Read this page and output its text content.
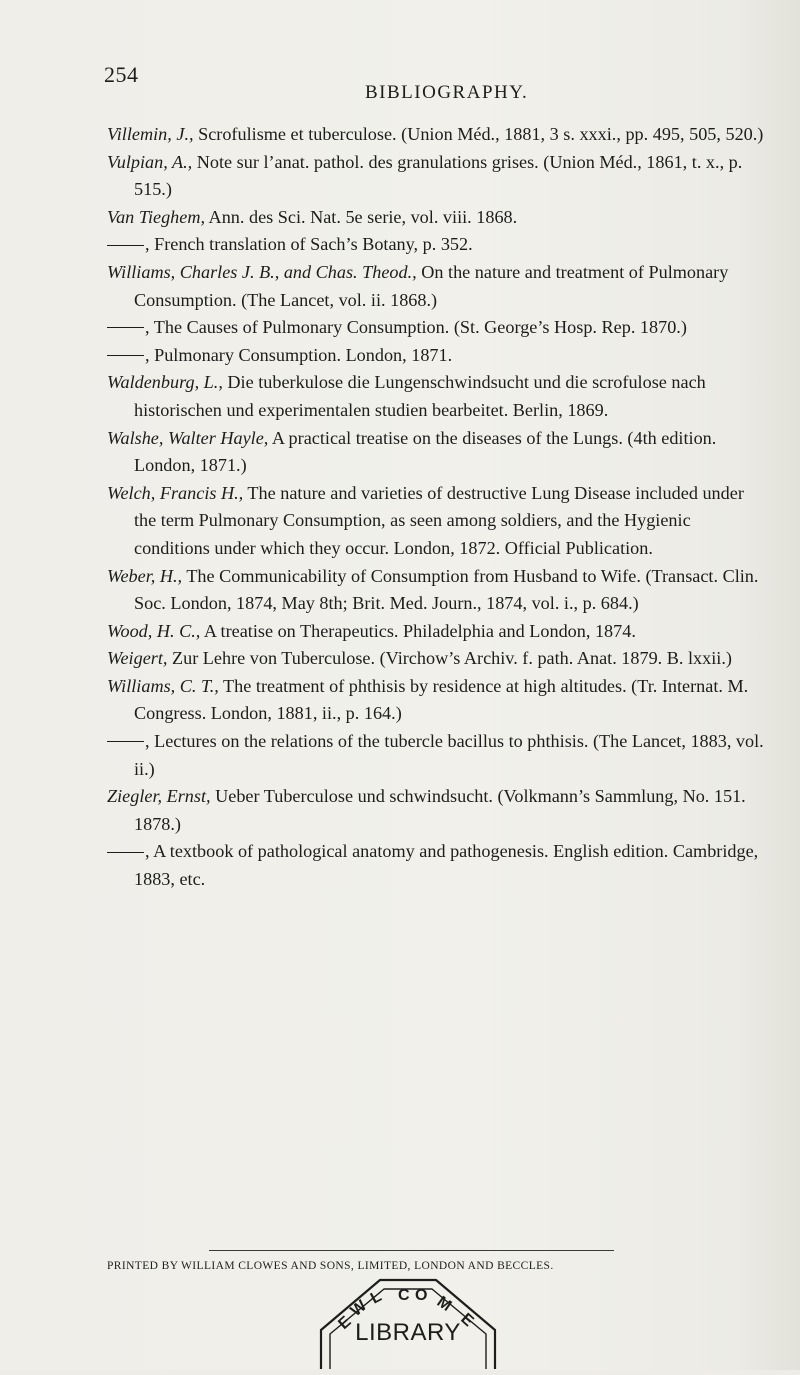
254
BIBLIOGRAPHY.

Villemin, J., Scrofulisme et tuberculose. (Union Méd., 1881, 3 s. xxxi., pp. 495, 505, 520.)

Vulpian, A., Note sur l’anat. pathol. des granulations grises. (Union Méd., 1861, t. x., p. 515.)

Van Tieghem, Ann. des Sci. Nat. 5e serie, vol. viii. 1868.

, French translation of Sach’s Botany, p. 352.

Williams, Charles J. B., and Chas. Theod., On the nature and treatment of Pulmonary Consumption. (The Lancet, vol. ii. 1868.)

, The Causes of Pulmonary Consumption. (St. George’s Hosp. Rep. 1870.)

, Pulmonary Consumption. London, 1871.

Waldenburg, L., Die tuberkulose die Lungenschwindsucht und die scrofulose nach historischen und experimentalen studien bearbeitet. Berlin, 1869.

Walshe, Walter Hayle, A practical treatise on the diseases of the Lungs. (4th edition. London, 1871.)

Welch, Francis H., The nature and varieties of destructive Lung Disease included under the term Pulmonary Consumption, as seen among soldiers, and the Hygienic conditions under which they occur. London, 1872. Official Publication.

Weber, H., The Communicability of Consumption from Husband to Wife. (Transact. Clin. Soc. London, 1874, May 8th; Brit. Med. Journ., 1874, vol. i., p. 684.)

Wood, H. C., A treatise on Therapeutics. Philadelphia and London, 1874.

Weigert, Zur Lehre von Tuberculose. (Virchow’s Archiv. f. path. Anat. 1879. B. lxxii.)

Williams, C. T., The treatment of phthisis by residence at high altitudes. (Tr. Internat. M. Congress. London, 1881, ii., p. 164.)

, Lectures on the relations of the tubercle bacillus to phthisis. (The Lancet, 1883, vol. ii.)

Ziegler, Ernst, Ueber Tuberculose und schwindsucht. (Volkmann’s Sammlung, No. 151. 1878.)

, A textbook of pathological anatomy and pathogenesis. English edition. Cambridge, 1883, etc.

PRINTED BY WILLIAM CLOWES AND SONS, LIMITED, LONDON AND BECCLES.
E
W
L C O M
E
LIBRARY
